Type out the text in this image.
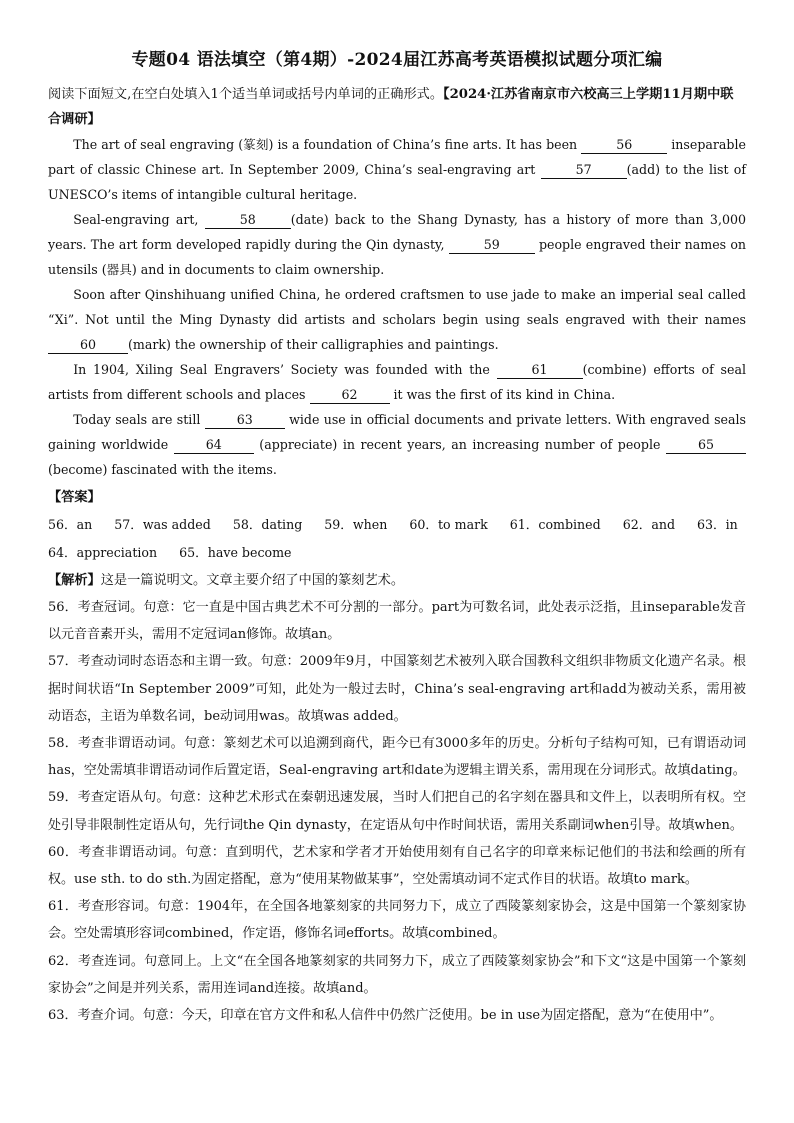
专题04 语法填空（第4期）-2024届江苏高考英语模拟试题分项汇编

阅读下面短文,在空白处填入1个适当单词或括号内单词的正确形式。【2024·江苏省南京市六校高三上学期11月期中联合调研】

The art of seal engraving (篆刻) is a foundation of China’s fine arts. It has been	56	inseparable part of classic Chinese art. In September 2009, China’s seal-engraving art	57	(add) to the list of UNESCO’s items of intangible cultural heritage.

Seal-engraving art,	58	(date) back to the Shang Dynasty, has a history of more than 3,000 years. The art form developed rapidly during the Qin dynasty,	59	people engraved their names on utensils (器具) and in documents to claim ownership.

Soon after Qinshihuang unified China, he ordered craftsmen to use jade to make an imperial seal called “Xi”. Not until the Ming Dynasty did artists and scholars begin using seals engraved with their names 60	(mark) the ownership of their calligraphies and paintings.

In 1904, Xiling Seal Engravers’ Society was founded with the	61	(combine) efforts of seal artists from different schools and places	62	it was the first of its kind in China.

Today seals are still	63	wide use in official documents and private letters. With engraved seals gaining worldwide	64	(appreciate) in recent years, an increasing number of people	65 (become) fascinated with the items.

【答案】

56．an 57．was added 58．dating 59．when 60．to mark 61．combined 62．and 63．in
64．appreciation 65．have become

【解析】这是一篇说明文。文章主要介绍了中国的篆刻艺术。

56．考查冠词。句意：它一直是中国古典艺术不可分割的一部分。part为可数名词，此处表示泛指，且inseparable发音以元音音素开头，需用不定冠词an修饰。故填an。

57．考查动词时态语态和主谓一致。句意：2009年9月，中国篆刻艺术被列入联合国教科文组织非物质文化遗产名录。根据时间状语“In September 2009”可知，此处为一般过去时，China’s seal-engraving art和add为被动关系，需用被动语态，主语为单数名词，be动词用was。故填was added。

58．考查非谓语动词。句意：篆刻艺术可以追溯到商代，距今已有3000多年的历史。分析句子结构可知，已有谓语动词has，空处需填非谓语动词作后置定语，Seal-engraving art和date为逻辑主谓关系，需用现在分词形式。故填dating。

59．考查定语从句。句意：这种艺术形式在秦朝迅速发展，当时人们把自己的名字刻在器具和文件上，以表明所有权。空处引导非限制性定语从句，先行词the Qin dynasty，在定语从句中作时间状语，需用关系副词when引导。故填when。

60．考查非谓语动词。句意：直到明代，艺术家和学者才开始使用刻有自己名字的印章来标记他们的书法和绘画的所有权。use sth. to do sth.为固定搭配，意为“使用某物做某事”，空处需填动词不定式作目的状语。故填to mark。

61．考查形容词。句意：1904年，在全国各地篆刻家的共同努力下，成立了西陵篆刻家协会，这是中国第一个篆刻家协会。空处需填形容词combined，作定语，修饰名词efforts。故填combined。

62．考查连词。句意同上。上文“在全国各地篆刻家的共同努力下，成立了西陵篆刻家协会”和下文“这是中国第一个篆刻家协会”之间是并列关系，需用连词and连接。故填and。

63．考查介词。句意：今天，印章在官方文件和私人信件中仍然广泛使用。be in use为固定搭配，意为“在使用中”。
